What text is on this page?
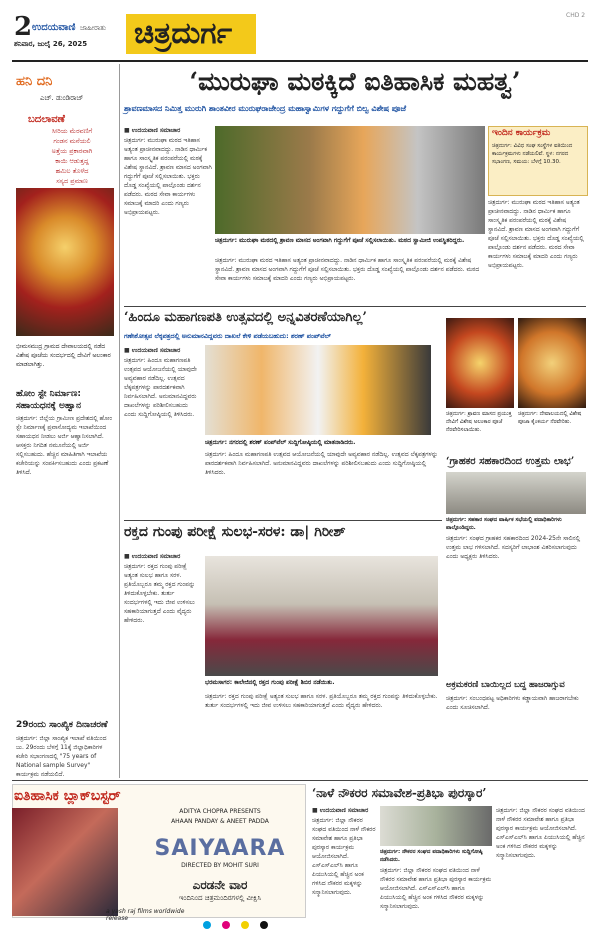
2 ಉದಯವಾಣಿ ಜಾಹೀರಾತು
ಶನಿವಾರ, ಜುಲೈ 26, 2025 ಚಿತ್ರದುರ್ಗ
CHD 2
ಹನಿ ದನಿ
ಎಚ್. ಡುಂಡಿರಾಜ್
ಬದಲಾವಣೆ
ಸೀರಿಯ ಮೆರವಣಿಗೆ
ಗಂಡನ ಮನೆಯಲಿ
ಅತ್ತೆಯ ಪ್ರಕಾರವಾಗಿ
ಕಾಯಿ ಆಡುತ್ತದ್ದ
ಹಮಿಲ ತೊಳೆದ
ಸಸ್ಯದ ಪ್ರಮಾಣ
ಭೀಮಸಮುದ್ರ ಗ್ರಾಮದ ದೇವಾಲಯದಲ್ಲಿ ನಡೆದ ವಿಶೇಷ ಪೂಜೆಯ ಸಂದರ್ಭದಲ್ಲಿ ದೇವಿಗೆ ಅಲಂಕಾರ ಮಾಡಲಾಗಿತ್ತು.
ಹೋಂ ಸ್ಟೇ ನಿರ್ಮಾಣ: ಸಹಾಯಧನಕ್ಕೆ ಅಹ್ವಾನ
ಚಿತ್ರದುರ್ಗ: ಜಿಲ್ಲೆಯ ಗ್ರಾಮೀಣ ಪ್ರದೇಶದಲ್ಲಿ ಹೋಂ ಸ್ಟೇ ನಿರ್ಮಾಣಕ್ಕೆ ಪ್ರವಾಸೋದ್ಯಮ ಇಲಾಖೆಯಿಂದ ಸಹಾಯಧನ ನೀಡಲು ಅರ್ಜಿ ಆಹ್ವಾನಿಸಲಾಗಿದೆ. ಆಸಕ್ತರು ನಿಗದಿತ ನಮೂನೆಯಲ್ಲಿ ಅರ್ಜಿ ಸಲ್ಲಿಸಬಹುದು. ಹೆಚ್ಚಿನ ಮಾಹಿತಿಗಾಗಿ ಇಲಾಖೆಯ ಕಚೇರಿಯನ್ನು ಸಂಪರ್ಕಿಸಬಹುದು ಎಂದು ಪ್ರಕಟಣೆ ತಿಳಿಸಿದೆ.
29ರಂದು ಸಾಂಖ್ಯಿಕ ದಿನಾಚರಣೆ
ಚಿತ್ರದುರ್ಗ: ಜಿಲ್ಲಾ ಸಾಂಖ್ಯಿಕ ಇಲಾಖೆ ವತಿಯಿಂದ ಜು. 29ರಂದು ಬೆಳಗ್ಗೆ 11ಕ್ಕೆ ಜಿಲ್ಲಾಧಿಕಾರಿಗಳ ಕಚೇರಿ ಸಭಾಂಗಣದಲ್ಲಿ "75 years of National sample Survey" ಕಾರ್ಯಕ್ರಮ ನಡೆಯಲಿದೆ.
‘ಮುರುಘಾ ಮಠಕ್ಕಿದೆ ಐತಿಹಾಸಿಕ ಮಹತ್ವ’
ಶ್ರಾವಣಮಾಸದ ನಿಮಿತ್ತ ಮುರುಗಿ ಶಾಂತವೀರ ಮುರುಘರಾಜೇಂದ್ರ ಮಹಾಸ್ವಾಮಿಗಳ ಗದ್ದುಗೆಗೆ ಬಿಲ್ವ ವಿಶೇಷ ಪೂಜೆ
■ ಉದಯವಾಣಿ ಸಮಾಚಾರ
ಚಿತ್ರದುರ್ಗ: ಮುರುಘಾ ಮಠದ ಇತಿಹಾಸ ಅತ್ಯಂತ ಪ್ರಾಚೀನವಾದದ್ದು. ನಾಡಿನ ಧಾರ್ಮಿಕ ಹಾಗೂ ಸಾಂಸ್ಕೃತಿಕ ಪರಂಪರೆಯಲ್ಲಿ ಮಠಕ್ಕೆ ವಿಶೇಷ ಸ್ಥಾನವಿದೆ. ಶ್ರಾವಣ ಮಾಸದ ಅಂಗವಾಗಿ ಗದ್ದುಗೆಗೆ ಪೂಜೆ ಸಲ್ಲಿಸಲಾಯಿತು. ಭಕ್ತರು ದೊಡ್ಡ ಸಂಖ್ಯೆಯಲ್ಲಿ ಪಾಲ್ಗೊಂಡು ದರ್ಶನ ಪಡೆದರು. ಮಠದ ಸೇವಾ ಕಾರ್ಯಗಳು ಸಮಾಜಕ್ಕೆ ಮಾದರಿ ಎಂದು ಗಣ್ಯರು ಅಭಿಪ್ರಾಯಪಟ್ಟರು.
ಚಿತ್ರದುರ್ಗ: ಮುರುಘಾ ಮಠದಲ್ಲಿ ಶ್ರಾವಣ ಮಾಸದ ಅಂಗವಾಗಿ ಗದ್ದುಗೆಗೆ ಪೂಜೆ ಸಲ್ಲಿಸಲಾಯಿತು. ಮಠದ ಸ್ವಾಮೀಜಿ ಉಪಸ್ಥಿತರಿದ್ದರು.
ಚಿತ್ರದುರ್ಗ: ಮುರುಘಾ ಮಠದ ಇತಿಹಾಸ ಅತ್ಯಂತ ಪ್ರಾಚೀನವಾದದ್ದು. ನಾಡಿನ ಧಾರ್ಮಿಕ ಹಾಗೂ ಸಾಂಸ್ಕೃತಿಕ ಪರಂಪರೆಯಲ್ಲಿ ಮಠಕ್ಕೆ ವಿಶೇಷ ಸ್ಥಾನವಿದೆ. ಶ್ರಾವಣ ಮಾಸದ ಅಂಗವಾಗಿ ಗದ್ದುಗೆಗೆ ಪೂಜೆ ಸಲ್ಲಿಸಲಾಯಿತು. ಭಕ್ತರು ದೊಡ್ಡ ಸಂಖ್ಯೆಯಲ್ಲಿ ಪಾಲ್ಗೊಂಡು ದರ್ಶನ ಪಡೆದರು. ಮಠದ ಸೇವಾ ಕಾರ್ಯಗಳು ಸಮಾಜಕ್ಕೆ ಮಾದರಿ ಎಂದು ಗಣ್ಯರು ಅಭಿಪ್ರಾಯಪಟ್ಟರು.
ಇಂದಿನ ಕಾರ್ಯಕ್ರಮ
ಚಿತ್ರದುರ್ಗ: ವಿವಿಧ ಸಂಘ ಸಂಸ್ಥೆಗಳ ವತಿಯಿಂದ ಕಾರ್ಯಕ್ರಮಗಳು ನಡೆಯಲಿವೆ. ಸ್ಥಳ: ನಗರದ ಸಭಾಂಗಣ, ಸಮಯ: ಬೆಳಗ್ಗೆ 10.30.
ಚಿತ್ರದುರ್ಗ: ಮುರುಘಾ ಮಠದ ಇತಿಹಾಸ ಅತ್ಯಂತ ಪ್ರಾಚೀನವಾದದ್ದು. ನಾಡಿನ ಧಾರ್ಮಿಕ ಹಾಗೂ ಸಾಂಸ್ಕೃತಿಕ ಪರಂಪರೆಯಲ್ಲಿ ಮಠಕ್ಕೆ ವಿಶೇಷ ಸ್ಥಾನವಿದೆ. ಶ್ರಾವಣ ಮಾಸದ ಅಂಗವಾಗಿ ಗದ್ದುಗೆಗೆ ಪೂಜೆ ಸಲ್ಲಿಸಲಾಯಿತು. ಭಕ್ತರು ದೊಡ್ಡ ಸಂಖ್ಯೆಯಲ್ಲಿ ಪಾಲ್ಗೊಂಡು ದರ್ಶನ ಪಡೆದರು. ಮಠದ ಸೇವಾ ಕಾರ್ಯಗಳು ಸಮಾಜಕ್ಕೆ ಮಾದರಿ ಎಂದು ಗಣ್ಯರು ಅಭಿಪ್ರಾಯಪಟ್ಟರು.
‘ಹಿಂದೂ ಮಹಾಗಣಪತಿ ಉತ್ಸವದಲ್ಲಿ ಅನ್ನವಿತರಣೆಯಾಗಿಲ್ಲ’
ಗಣೇಶೋತ್ಸವ ಲೆಕ್ಕಪತ್ರದಲ್ಲಿ ಅನುಮಾನವಿದ್ದವರು ದಾಖಲೆ ಕೇಳಿ ಪಡೆಯಬಹುದು: ಶರಣ್ ಪಂಪ್‌ವೆಲ್
■ ಉದಯವಾಣಿ ಸಮಾಚಾರ
ಚಿತ್ರದುರ್ಗ: ಹಿಂದೂ ಮಹಾಗಣಪತಿ ಉತ್ಸವದ ಆಯೋಜನೆಯಲ್ಲಿ ಯಾವುದೇ ಅವ್ಯವಹಾರ ನಡೆದಿಲ್ಲ. ಉತ್ಸವದ ಲೆಕ್ಕಪತ್ರಗಳನ್ನು ಪಾರದರ್ಶಕವಾಗಿ ನಿರ್ವಹಿಸಲಾಗಿದೆ. ಅನುಮಾನವಿದ್ದವರು ದಾಖಲೆಗಳನ್ನು ಪರಿಶೀಲಿಸಬಹುದು ಎಂದು ಸುದ್ದಿಗೋಷ್ಠಿಯಲ್ಲಿ ತಿಳಿಸಿದರು.
ಚಿತ್ರದುರ್ಗ: ನಗರದಲ್ಲಿ ಶರಣ್ ಪಂಪ್‌ವೆಲ್ ಸುದ್ದಿಗೋಷ್ಠಿಯಲ್ಲಿ ಮಾತನಾಡಿದರು.
ಚಿತ್ರದುರ್ಗ: ಹಿಂದೂ ಮಹಾಗಣಪತಿ ಉತ್ಸವದ ಆಯೋಜನೆಯಲ್ಲಿ ಯಾವುದೇ ಅವ್ಯವಹಾರ ನಡೆದಿಲ್ಲ. ಉತ್ಸವದ ಲೆಕ್ಕಪತ್ರಗಳನ್ನು ಪಾರದರ್ಶಕವಾಗಿ ನಿರ್ವಹಿಸಲಾಗಿದೆ. ಅನುಮಾನವಿದ್ದವರು ದಾಖಲೆಗಳನ್ನು ಪರಿಶೀಲಿಸಬಹುದು ಎಂದು ಸುದ್ದಿಗೋಷ್ಠಿಯಲ್ಲಿ ತಿಳಿಸಿದರು.
ಚಿತ್ರದುರ್ಗ: ಶ್ರಾವಣ ಮಾಸದ ಪ್ರಯುಕ್ತ ದೇವಿಗೆ ವಿಶೇಷ ಅಲಂಕಾರ ಪೂಜೆ ನೆರವೇರಿಸಲಾಯಿತು.
ಚಿತ್ರದುರ್ಗ: ದೇವಾಲಯದಲ್ಲಿ ವಿಶೇಷ ಪೂಜಾ ಕೈಂಕರ್ಯ ನೆರವೇರಿತು.
‘ಗ್ರಾಹಕರ ಸಹಕಾರದಿಂದ ಉತ್ತಮ ಲಾಭ’
ಚಿತ್ರದುರ್ಗ: ಸಹಕಾರ ಸಂಘದ ವಾರ್ಷಿಕ ಸಭೆಯಲ್ಲಿ ಪದಾಧಿಕಾರಿಗಳು ಪಾಲ್ಗೊಂಡಿದ್ದರು.
ಚಿತ್ರದುರ್ಗ: ಸಂಘದ ಗ್ರಾಹಕರ ಸಹಕಾರದಿಂದ 2024-25ನೇ ಸಾಲಿನಲ್ಲಿ ಉತ್ತಮ ಲಾಭ ಗಳಿಸಲಾಗಿದೆ. ಸದಸ್ಯರಿಗೆ ಲಾಭಾಂಶ ವಿತರಿಸಲಾಗುವುದು ಎಂದು ಅಧ್ಯಕ್ಷರು ತಿಳಿಸಿದರು.
ರಕ್ತದ ಗುಂಪು ಪರೀಕ್ಷೆ ಸುಲಭ-ಸರಳ: ಡಾ| ಗಿರೀಶ್
■ ಉದಯವಾಣಿ ಸಮಾಚಾರ
ಚಿತ್ರದುರ್ಗ: ರಕ್ತದ ಗುಂಪು ಪರೀಕ್ಷೆ ಅತ್ಯಂತ ಸುಲಭ ಹಾಗೂ ಸರಳ. ಪ್ರತಿಯೊಬ್ಬರೂ ತಮ್ಮ ರಕ್ತದ ಗುಂಪನ್ನು ತಿಳಿದುಕೊಳ್ಳಬೇಕು. ತುರ್ತು ಸಂದರ್ಭಗಳಲ್ಲಿ ಇದು ಜೀವ ಉಳಿಸಲು ಸಹಕಾರಿಯಾಗುತ್ತದೆ ಎಂದು ವೈದ್ಯರು ಹೇಳಿದರು.
ಭರಮಸಾಗರ: ಕಾಲೇಜಿನಲ್ಲಿ ರಕ್ತದ ಗುಂಪು ಪರೀಕ್ಷೆ ಶಿಬಿರ ನಡೆಯಿತು.
ಚಿತ್ರದುರ್ಗ: ರಕ್ತದ ಗುಂಪು ಪರೀಕ್ಷೆ ಅತ್ಯಂತ ಸುಲಭ ಹಾಗೂ ಸರಳ. ಪ್ರತಿಯೊಬ್ಬರೂ ತಮ್ಮ ರಕ್ತದ ಗುಂಪನ್ನು ತಿಳಿದುಕೊಳ್ಳಬೇಕು. ತುರ್ತು ಸಂದರ್ಭಗಳಲ್ಲಿ ಇದು ಜೀವ ಉಳಿಸಲು ಸಹಕಾರಿಯಾಗುತ್ತದೆ ಎಂದು ವೈದ್ಯರು ಹೇಳಿದರು.
ಅಕ್ರಮಕರಣಿ ಬಾಯಿಲ್ಲದ ಬದ್ದ ಹಾಜರಾಗ್ಸುವ
ಚಿತ್ರದುರ್ಗ: ಸಂಬಂಧಪಟ್ಟ ಅಧಿಕಾರಿಗಳು ಕಡ್ಡಾಯವಾಗಿ ಹಾಜರಾಗಬೇಕು ಎಂದು ಸೂಚಿಸಲಾಗಿದೆ.
ಐತಿಹಾಸಿಕ ಬ್ಲಾಕ್‌ಬಸ್ಟರ್
ADITYA CHOPRA PRESENTS
AHAAN PANDAY & ANEET PADDA
SAIYAARA
DIRECTED BY MOHIT SURI
ಎರಡನೇ ವಾರ
ಇಂದಿನಿಂದ ಚಿತ್ರಮಂದಿರಗಳಲ್ಲಿ ವೀಕ್ಷಿಸಿ
a yash raj films worldwide release
‘ನಾಳೆ ನೌಕರರ ಸಮಾವೇಶ-ಪ್ರತಿಭಾ ಪುರಸ್ಕಾರ’
■ ಉದಯವಾಣಿ ಸಮಾಚಾರ
ಚಿತ್ರದುರ್ಗ: ಜಿಲ್ಲಾ ನೌಕರರ ಸಂಘದ ವತಿಯಿಂದ ನಾಳೆ ನೌಕರರ ಸಮಾವೇಶ ಹಾಗೂ ಪ್ರತಿಭಾ ಪುರಸ್ಕಾರ ಕಾರ್ಯಕ್ರಮ ಆಯೋಜಿಸಲಾಗಿದೆ. ಎಸ್‌ಎಸ್‌ಎಲ್‌ಸಿ ಹಾಗೂ ಪಿಯುಸಿಯಲ್ಲಿ ಹೆಚ್ಚಿನ ಅಂಕ ಗಳಿಸಿದ ನೌಕರರ ಮಕ್ಕಳನ್ನು ಸನ್ಮಾನಿಸಲಾಗುವುದು.
ಚಿತ್ರದುರ್ಗ: ನೌಕರರ ಸಂಘದ ಪದಾಧಿಕಾರಿಗಳು ಸುದ್ದಿಗೋಷ್ಠಿ ನಡೆಸಿದರು.
ಚಿತ್ರದುರ್ಗ: ಜಿಲ್ಲಾ ನೌಕರರ ಸಂಘದ ವತಿಯಿಂದ ನಾಳೆ ನೌಕರರ ಸಮಾವೇಶ ಹಾಗೂ ಪ್ರತಿಭಾ ಪುರಸ್ಕಾರ ಕಾರ್ಯಕ್ರಮ ಆಯೋಜಿಸಲಾಗಿದೆ. ಎಸ್‌ಎಸ್‌ಎಲ್‌ಸಿ ಹಾಗೂ ಪಿಯುಸಿಯಲ್ಲಿ ಹೆಚ್ಚಿನ ಅಂಕ ಗಳಿಸಿದ ನೌಕರರ ಮಕ್ಕಳನ್ನು ಸನ್ಮಾನಿಸಲಾಗುವುದು.
ಚಿತ್ರದುರ್ಗ: ಜಿಲ್ಲಾ ನೌಕರರ ಸಂಘದ ವತಿಯಿಂದ ನಾಳೆ ನೌಕರರ ಸಮಾವೇಶ ಹಾಗೂ ಪ್ರತಿಭಾ ಪುರಸ್ಕಾರ ಕಾರ್ಯಕ್ರಮ ಆಯೋಜಿಸಲಾಗಿದೆ. ಎಸ್‌ಎಸ್‌ಎಲ್‌ಸಿ ಹಾಗೂ ಪಿಯುಸಿಯಲ್ಲಿ ಹೆಚ್ಚಿನ ಅಂಕ ಗಳಿಸಿದ ನೌಕರರ ಮಕ್ಕಳನ್ನು ಸನ್ಮಾನಿಸಲಾಗುವುದು.
